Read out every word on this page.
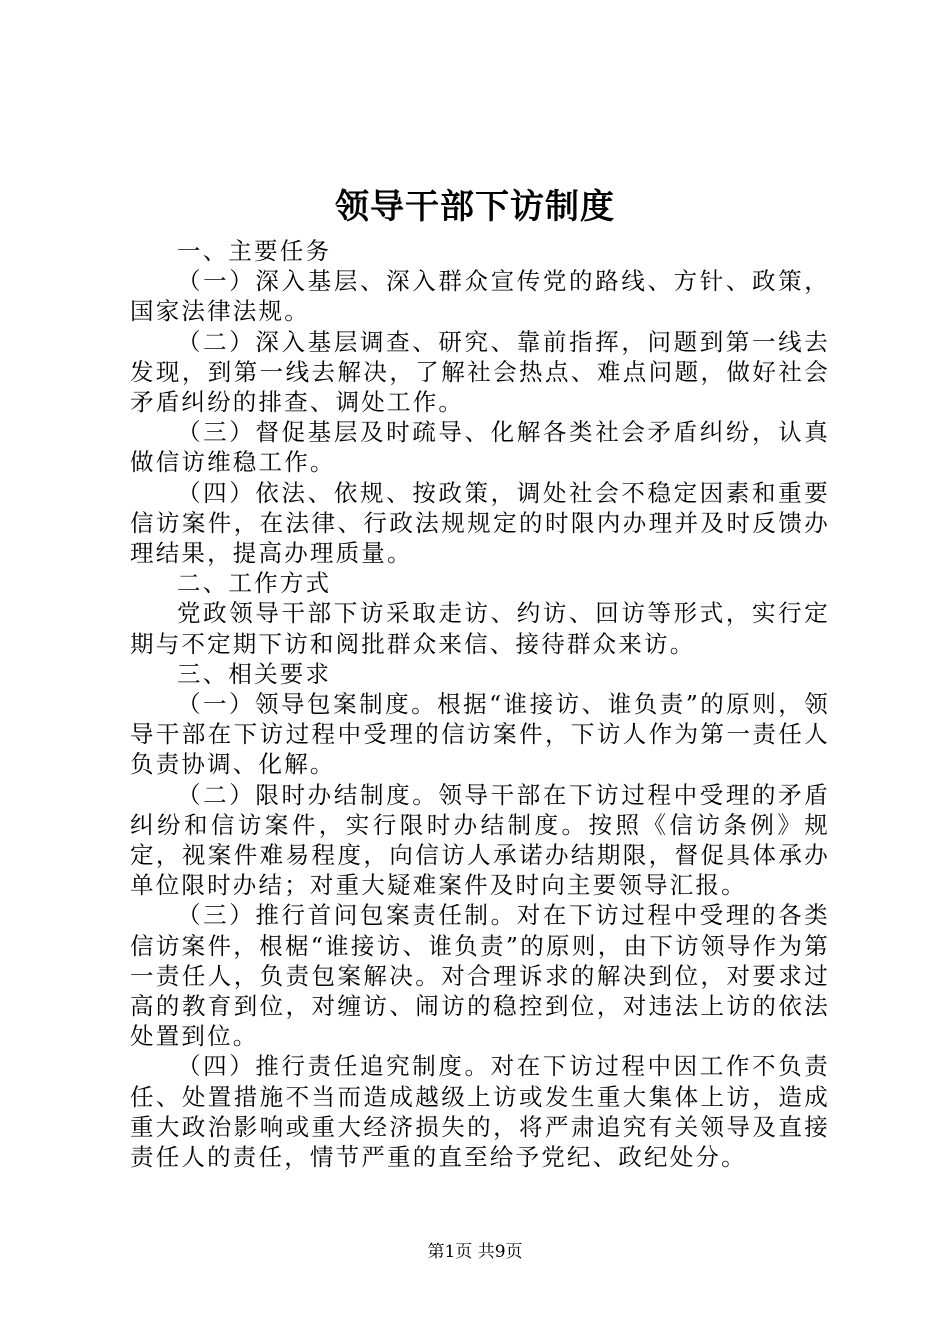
领导干部下访制度

一、主要任务

（一）深入基层、深入群众宣传党的路线、方针、政策，国家法律法规。

（二）深入基层调查、研究、靠前指挥，问题到第一线去发现，到第一线去解决，了解社会热点、难点问题，做好社会矛盾纠纷的排查、调处工作。

（三）督促基层及时疏导、化解各类社会矛盾纠纷，认真做信访维稳工作。

（四）依法、依规、按政策，调处社会不稳定因素和重要信访案件，在法律、行政法规规定的时限内办理并及时反馈办理结果，提高办理质量。

二、工作方式

党政领导干部下访采取走访、约访、回访等形式，实行定期与不定期下访和阅批群众来信、接待群众来访。

三、相关要求

（一）领导包案制度。根据“谁接访、谁负责”的原则，领导干部在下访过程中受理的信访案件，下访人作为第一责任人负责协调、化解。

（二）限时办结制度。领导干部在下访过程中受理的矛盾纠纷和信访案件，实行限时办结制度。按照《信访条例》规定，视案件难易程度，向信访人承诺办结期限，督促具体承办单位限时办结；对重大疑难案件及时向主要领导汇报。

（三）推行首问包案责任制。对在下访过程中受理的各类信访案件，根椐“谁接访、谁负责”的原则，由下访领导作为第一责任人，负责包案解决。对合理诉求的解决到位，对要求过高的教育到位，对缠访、闹访的稳控到位，对违法上访的依法处置到位。

（四）推行责任追究制度。对在下访过程中因工作不负责任、处置措施不当而造成越级上访或发生重大集体上访，造成重大政治影响或重大经济损失的，将严肃追究有关领导及直接责任人的责任，情节严重的直至给予党纪、政纪处分。

第1页 共9页
